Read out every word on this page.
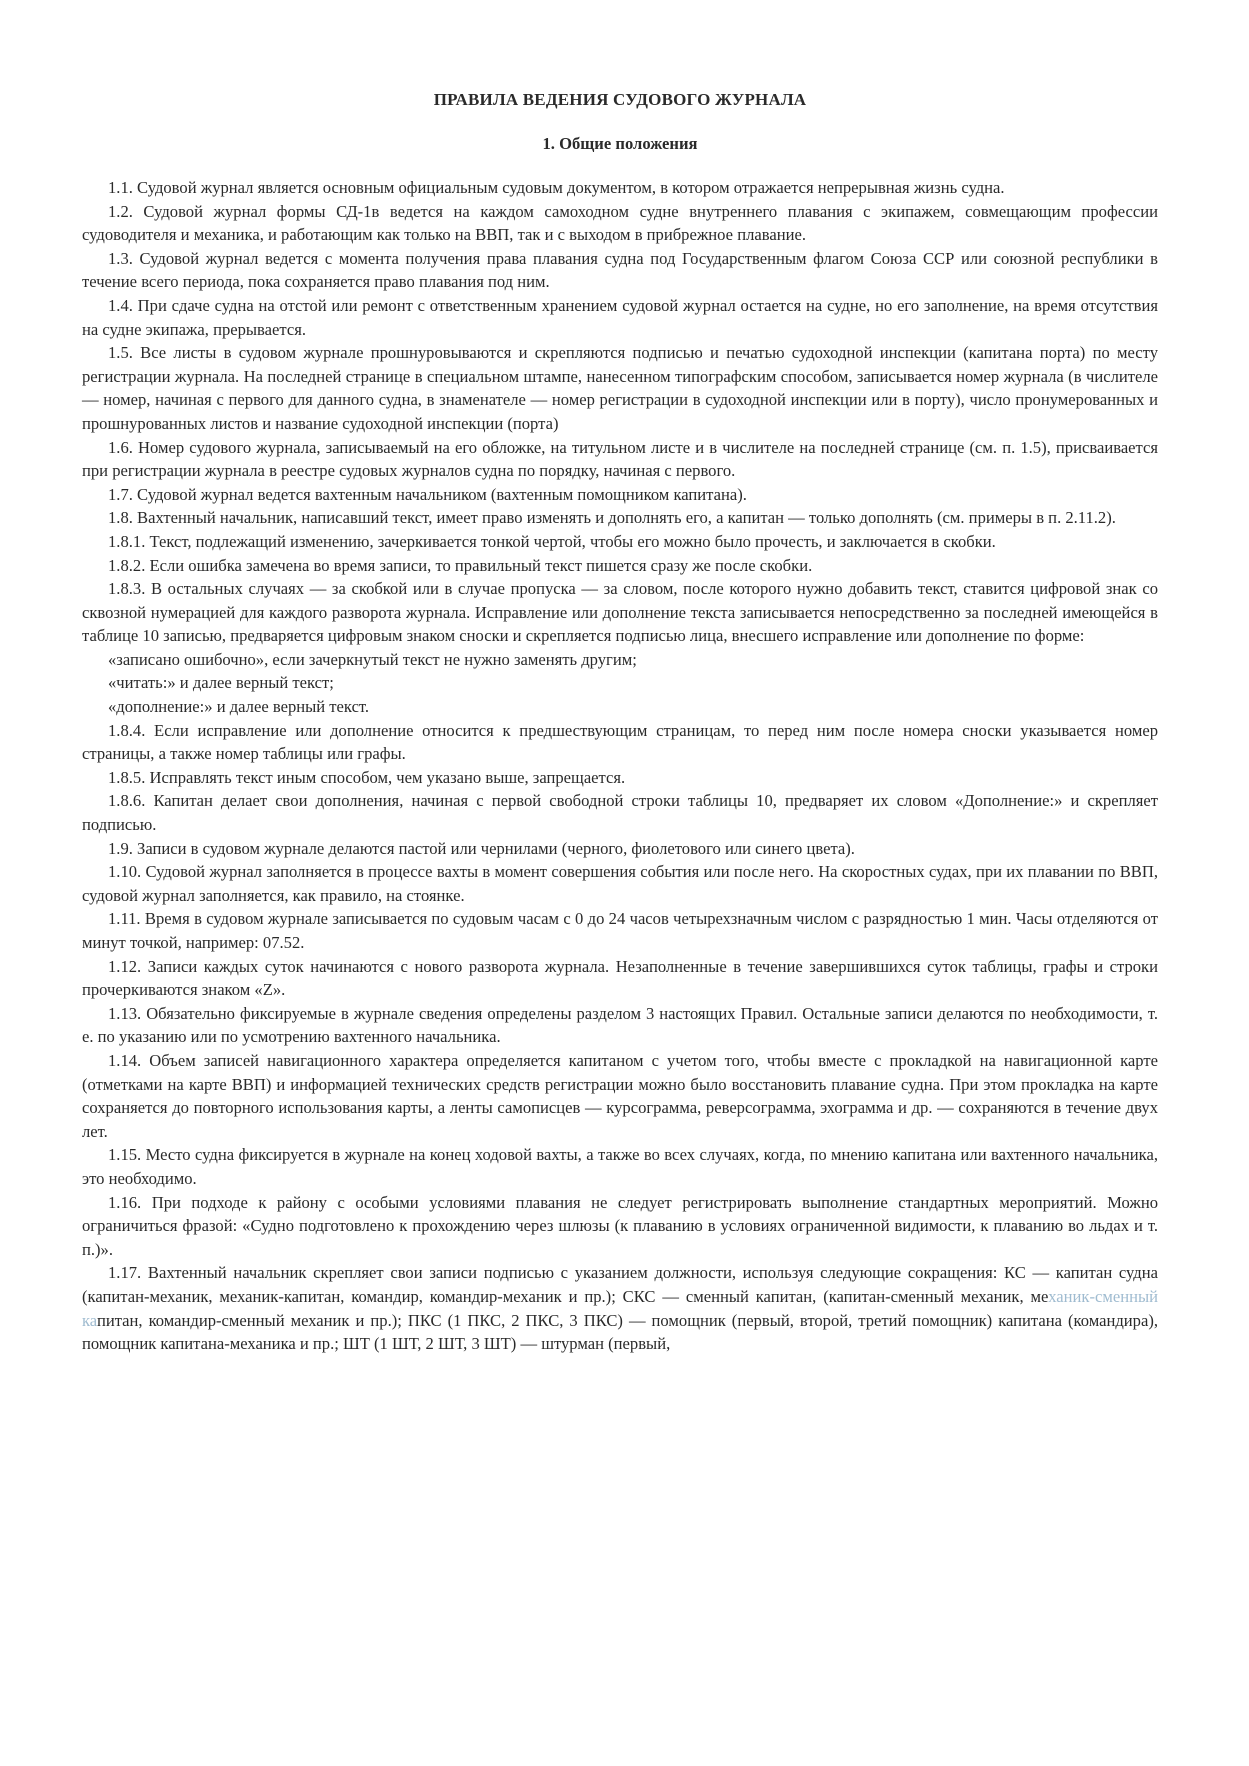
ПРАВИЛА ВЕДЕНИЯ СУДОВОГО ЖУРНАЛА
1. Общие положения

1.1. Судовой журнал является основным официальным судовым документом, в котором отражается непрерывная жизнь судна.

1.2. Судовой журнал формы СД-1в ведется на каждом самоходном судне внутреннего плавания с экипажем, совмещающим профессии судоводителя и механика, и работающим как только на ВВП, так и с выходом в прибрежное плавание.

1.3. Судовой журнал ведется с момента получения права плавания судна под Государственным флагом Союза ССР или союзной республики в течение всего периода, пока сохраняется право плавания под ним.

1.4. При сдаче судна на отстой или ремонт с ответственным хранением судовой журнал остается на судне, но его заполнение, на время отсутствия на судне экипажа, прерывается.

1.5. Все листы в судовом журнале прошнуровываются и скрепляются подписью и печатью судоходной инспекции (капитана порта) по месту регистрации журнала. На последней странице в специальном штампе, нанесенном типографским способом, записывается номер журнала (в числителе — номер, начиная с первого для данного судна, в знаменателе — номер регистрации в судоходной инспекции или в порту), число пронумерованных и прошнурованных листов и название судоходной инспекции (порта)

1.6. Номер судового журнала, записываемый на его обложке, на титульном листе и в числителе на последней странице (см. п. 1.5), присваивается при регистрации журнала в реестре судовых журналов судна по порядку, начиная с первого.

1.7. Судовой журнал ведется вахтенным начальником (вахтенным помощником капитана).

1.8. Вахтенный начальник, написавший текст, имеет право изменять и дополнять его, а капитан — только дополнять (см. примеры в п. 2.11.2).

1.8.1. Текст, подлежащий изменению, зачеркивается тонкой чертой, чтобы его можно было прочесть, и заключается в скобки.

1.8.2. Если ошибка замечена во время записи, то правильный текст пишется сразу же после скобки.

1.8.3. В остальных случаях — за скобкой или в случае пропуска — за словом, после которого нужно добавить текст, ставится цифровой знак со сквозной нумерацией для каждого разворота журнала. Исправление или дополнение текста записывается непосредственно за последней имеющейся в таблице 10 записью, предваряется цифровым знаком сноски и скрепляется подписью лица, внесшего исправление или дополнение по форме:

«записано ошибочно», если зачеркнутый текст не нужно заменять другим;

«читать:» и далее верный текст;

«дополнение:» и далее верный текст.

1.8.4. Если исправление или дополнение относится к предшествующим страницам, то перед ним после номера сноски указывается номер страницы, а также номер таблицы или графы.

1.8.5. Исправлять текст иным способом, чем указано выше, запрещается.

1.8.6. Капитан делает свои дополнения, начиная с первой свободной строки таблицы 10, предваряет их словом «Дополнение:» и скрепляет подписью.

1.9. Записи в судовом журнале делаются пастой или чернилами (черного, фиолетового или синего цвета).

1.10. Судовой журнал заполняется в процессе вахты в момент совершения события или после него. На скоростных судах, при их плавании по ВВП, судовой журнал заполняется, как правило, на стоянке.

1.11. Время в судовом журнале записывается по судовым часам с 0 до 24 часов четырехзначным числом с разрядностью 1 мин. Часы отделяются от минут точкой, например: 07.52.

1.12. Записи каждых суток начинаются с нового разворота журнала. Незаполненные в течение завершившихся суток таблицы, графы и строки прочеркиваются знаком «Z».

1.13. Обязательно фиксируемые в журнале сведения определены разделом 3 настоящих Правил. Остальные записи делаются по необходимости, т. е. по указанию или по усмотрению вахтенного начальника.

1.14. Объем записей навигационного характера определяется капитаном с учетом того, чтобы вместе с прокладкой на навигационной карте (отметками на карте ВВП) и информацией технических средств регистрации можно было восстановить плавание судна. При этом прокладка на карте сохраняется до повторного использования карты, а ленты самописцев — курсограмма, реверсограмма, эхограмма и др. — сохраняются в течение двух лет.

1.15. Место судна фиксируется в журнале на конец ходовой вахты, а также во всех случаях, когда, по мнению капитана или вахтенного начальника, это необходимо.

1.16. При подходе к району с особыми условиями плавания не следует регистрировать выполнение стандартных мероприятий. Можно ограничиться фразой: «Судно подготовлено к прохождению через шлюзы (к плаванию в условиях ограниченной видимости, к плаванию во льдах и т. п.)».

1.17. Вахтенный начальник скрепляет свои записи подписью с указанием должности, используя следующие сокращения: КС — капитан судна (капитан-механик, механик-капитан, командир, командир-механик и пр.); СКС — сменный капитан, (капитан-сменный механик, механик-сменный капитан, командир-сменный механик и пр.); ПКС (1 ПКС, 2 ПКС, 3 ПКС) — помощник (первый, второй, третий помощник) капитана (командира), помощник капитана-механика и пр.; ШТ (1 ШТ, 2 ШТ, 3 ШТ) — штурман (первый,
